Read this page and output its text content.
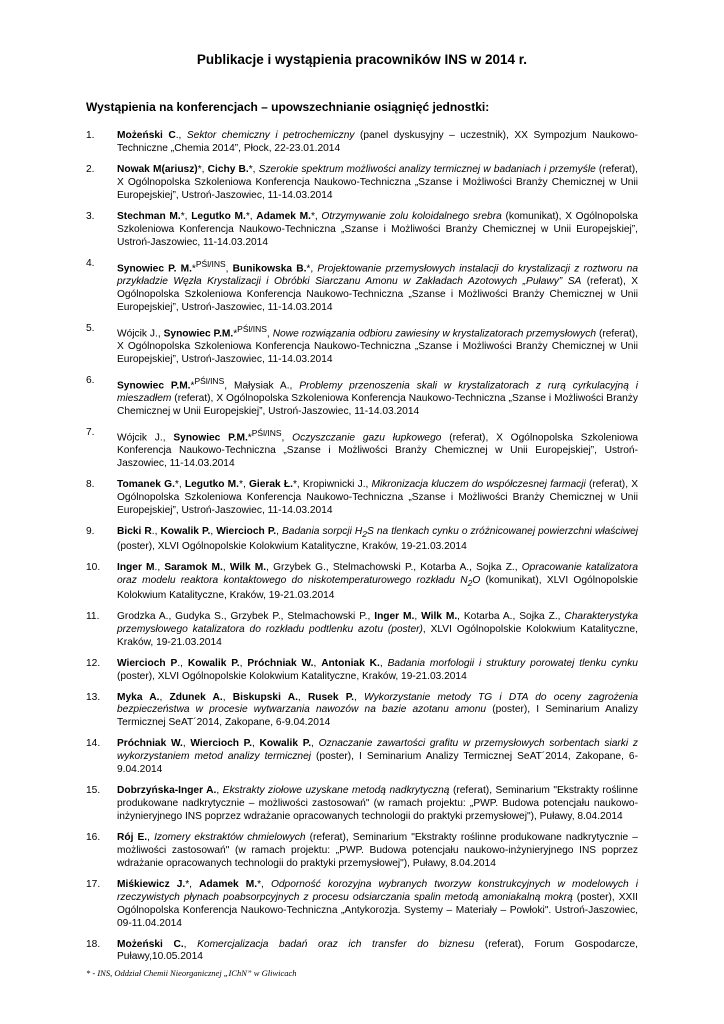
Publikacje i wystąpienia pracowników INS w 2014 r.
Wystąpienia na konferencjach – upowszechnianie osiągnięć jednostki:
1.	Możeński C., Sektor chemiczny i petrochemiczny (panel dyskusyjny – uczestnik), XX Sympozjum Naukowo-Techniczne „Chemia 2014”, Płock, 22-23.01.2014
2.	Nowak M(ariusz)*, Cichy B.*, Szerokie spektrum możliwości analizy termicznej w badaniach i przemyśle (referat), X Ogólnopolska Szkoleniowa Konferencja Naukowo-Techniczna „Szanse i Możliwości Branży Chemicznej w Unii Europejskiej”, Ustroń-Jaszowiec, 11-14.03.2014
3.	Stechman M.*, Legutko M.*, Adamek M.*, Otrzymywanie zolu koloidalnego srebra (komunikat), X Ogólnopolska Szkoleniowa Konferencja Naukowo-Techniczna „Szanse i Możliwości Branży Chemicznej w Unii Europejskiej”, Ustroń-Jaszowiec, 11-14.03.2014
4.	Synowiec P. M.*$^{PŚl/INS}$, Bunikowska B.*, Projektowanie przemysłowych instalacji do krystalizacji z roztworu na przykładzie Węzła Krystalizacji i Obróbki Siarczanu Amonu w Zakładach Azotowych „Puławy” SA (referat), X Ogólnopolska Szkoleniowa Konferencja Naukowo-Techniczna „Szanse i Możliwości Branży Chemicznej w Unii Europejskiej”, Ustroń-Jaszowiec, 11-14.03.2014
5.	Wójcik J., Synowiec P.M.*$^{PŚl/INS}$, Nowe rozwiązania odbioru zawiesiny w krystalizatorach przemysłowych (referat), X Ogólnopolska Szkoleniowa Konferencja Naukowo-Techniczna „Szanse i Możliwości Branży Chemicznej w Unii Europejskiej”, Ustroń-Jaszowiec, 11-14.03.2014
6.	Synowiec P.M.*$^{PŚl/INS}$, Małysiak A., Problemy przenoszenia skali w krystalizatorach z rurą cyrkulacyjną i mieszadłem (referat), X Ogólnopolska Szkoleniowa Konferencja Naukowo-Techniczna „Szanse i Możliwości Branży Chemicznej w Unii Europejskiej”, Ustroń-Jaszowiec, 11-14.03.2014
7.	Wójcik J., Synowiec P.M.*$^{PŚl/INS}$, Oczyszczanie gazu łupkowego (referat), X Ogólnopolska Szkoleniowa Konferencja Naukowo-Techniczna „Szanse i Możliwości Branży Chemicznej w Unii Europejskiej”, Ustroń-Jaszowiec, 11-14.03.2014
8.	Tomanek G.*, Legutko M.*, Gierak Ł.*, Kropiwnicki J., Mikronizacja kluczem do współczesnej farmacji (referat), X Ogólnopolska Szkoleniowa Konferencja Naukowo-Techniczna „Szanse i Możliwości Branży Chemicznej w Unii Europejskiej”, Ustroń-Jaszowiec, 11-14.03.2014
9.	Bicki R., Kowalik P., Wiercioch P., Badania sorpcji $H_2S$ na tlenkach cynku o zróżnicowanej powierzchni właściwej (poster), XLVI Ogólnopolskie Kolokwium Katalityczne, Kraków, 19-21.03.2014
10.	Inger M., Saramok M., Wilk M., Grzybek G., Stelmachowski P., Kotarba A., Sojka Z., Opracowanie katalizatora oraz modelu reaktora kontaktowego do niskotemperaturowego rozkładu $N_2O$ (komunikat), XLVI Ogólnopolskie Kolokwium Katalityczne, Kraków, 19-21.03.2014
11.	Grodzka A., Gudyka S., Grzybek P., Stelmachowski P., Inger M., Wilk M., Kotarba A., Sojka Z., Charakterystyka przemysłowego katalizatora do rozkładu podtlenku azotu (poster), XLVI Ogólnopolskie Kolokwium Katalityczne, Kraków, 19-21.03.2014
12.	Wiercioch P., Kowalik P., Próchniak W., Antoniak K., Badania morfologii i struktury porowatej tlenku cynku (poster), XLVI Ogólnopolskie Kolokwium Katalityczne, Kraków, 19-21.03.2014
13.	Myka A., Zdunek A., Biskupski A., Rusek P., Wykorzystanie metody TG i DTA do oceny zagrożenia bezpieczeństwa w procesie wytwarzania nawozów na bazie azotanu amonu (poster), I Seminarium Analizy Termicznej SeAT´2014, Zakopane, 6-9.04.2014
14.	Próchniak W., Wiercioch P., Kowalik P., Oznaczanie zawartości grafitu w przemysłowych sorbentach siarki z wykorzystaniem metod analizy termicznej (poster), I Seminarium Analizy Termicznej SeAT´2014, Zakopane, 6-9.04.2014
15.	Dobrzyńska-Inger A., Ekstrakty ziołowe uzyskane metodą nadkrytyczną (referat), Seminarium "Ekstrakty roślinne produkowane nadkrytycznie – możliwości zastosowań" (w ramach projektu: „PWP. Budowa potencjału naukowo-inżynieryjnego INS poprzez wdrażanie opracowanych technologii do praktyki przemysłowej"), Puławy, 8.04.2014
16.	Rój E., Izomery ekstraktów chmielowych (referat), Seminarium "Ekstrakty roślinne produkowane nadkrytycznie – możliwości zastosowań" (w ramach projektu: „PWP. Budowa potencjału naukowo-inżynieryjnego INS poprzez wdrażanie opracowanych technologii do praktyki przemysłowej"), Puławy, 8.04.2014
17.	Miśkiewicz J.*, Adamek M.*, Odporność korozyjna wybranych tworzyw konstrukcyjnych w modelowych i rzeczywistych płynach poabsorpcyjnych z procesu odsiarczania spalin metodą amoniakalną mokrą (poster), XXII Ogólnopolska Konferencja Naukowo-Techniczna „Antykorozja. Systemy – Materiały – Powłoki". Ustroń-Jaszowiec, 09-11.04.2014
18.	Możeński C., Komercjalizacja badań oraz ich transfer do biznesu (referat), Forum Gospodarcze, Puławy,10.05.2014
* - INS, Oddział Chemii Nieorganicznej „IChN” w Gliwicach
